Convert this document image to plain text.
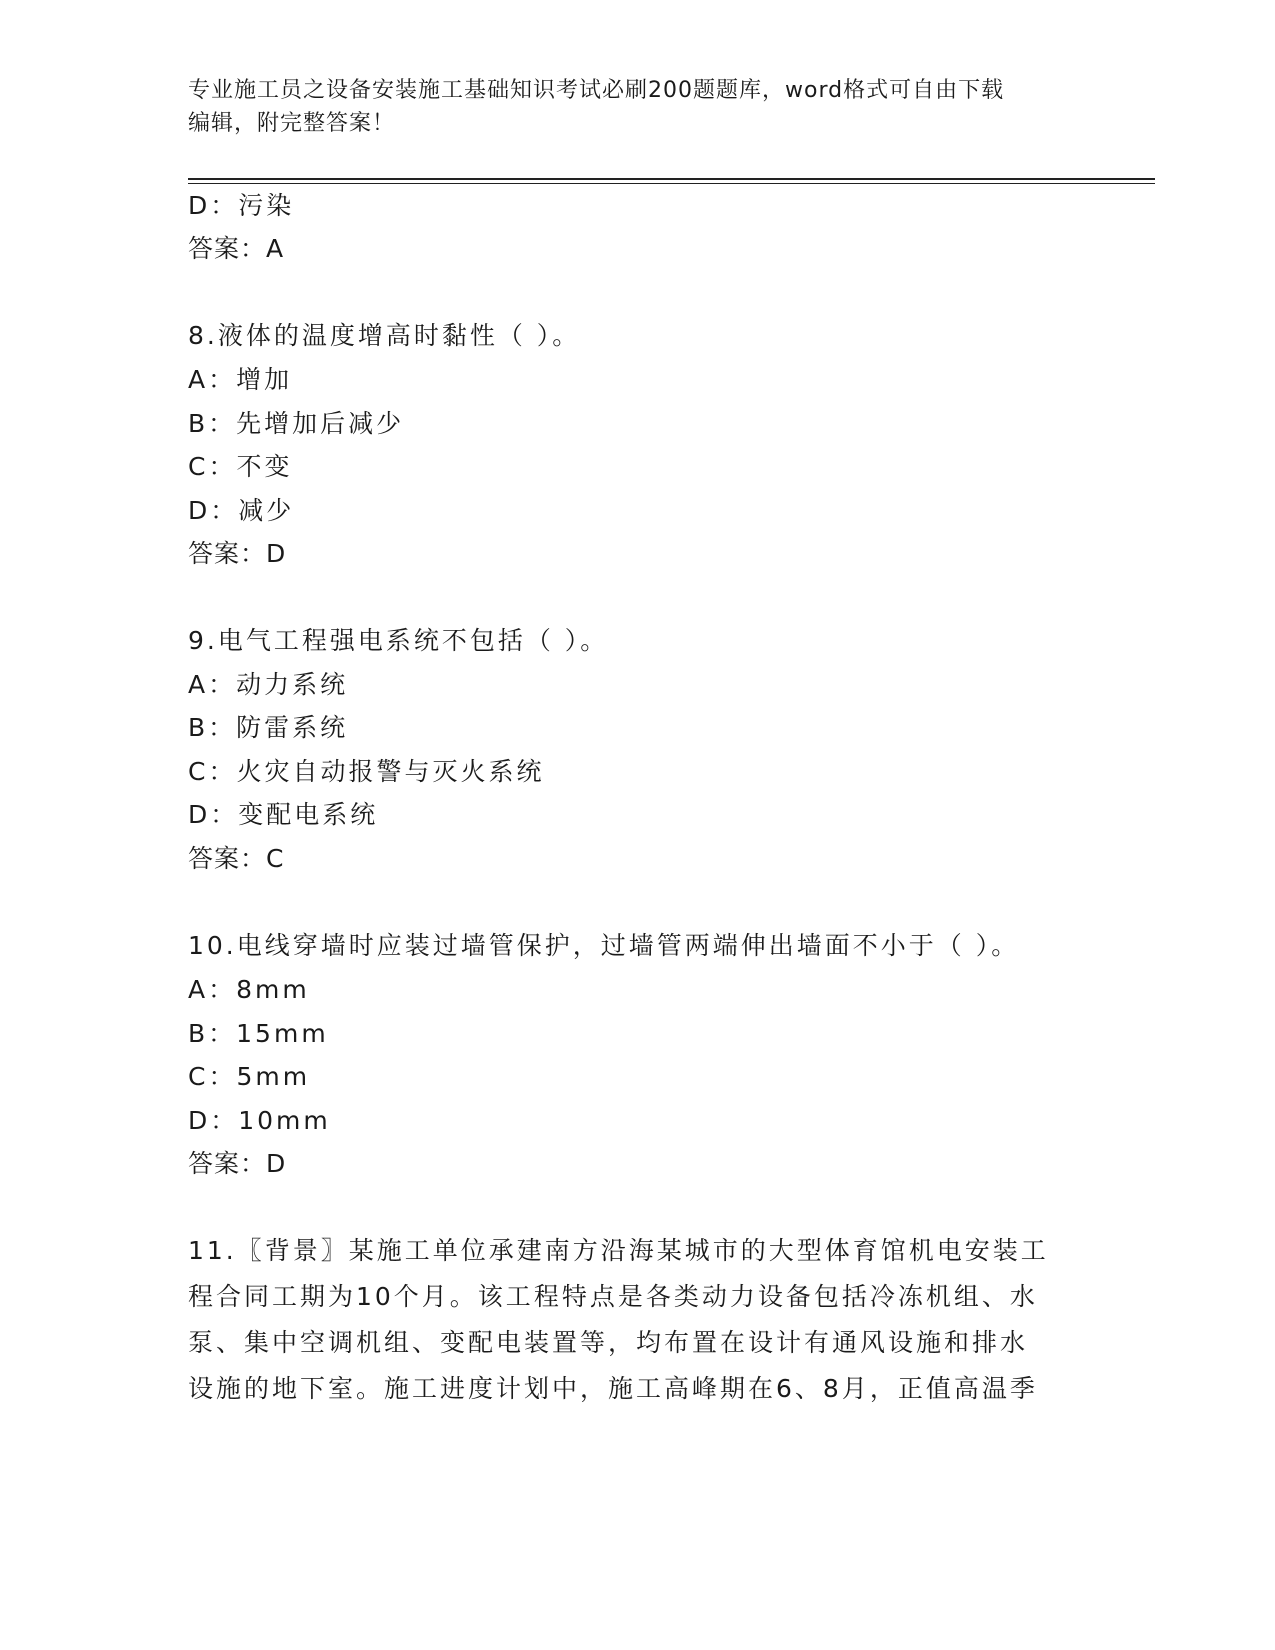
专业施工员之设备安装施工基础知识考试必刷200题题库，word格式可自由下载
编辑，附完整答案！
D：污染
答案：A
8.液体的温度增高时黏性（ ）。
A：增加
B：先增加后减少
C：不变
D：减少
答案：D
9.电气工程强电系统不包括（ ）。
A：动力系统
B：防雷系统
C：火灾自动报警与灭火系统
D：变配电系统
答案：C
10.电线穿墙时应装过墙管保护，过墙管两端伸出墙面不小于（ ）。
A：8mm
B：15mm
C：5mm
D：10mm
答案：D
11.〖背景〗某施工单位承建南方沿海某城市的大型体育馆机电安装工
程合同工期为10个月。该工程特点是各类动力设备包括冷冻机组、水
泵、集中空调机组、变配电装置等，均布置在设计有通风设施和排水
设施的地下室。施工进度计划中，施工高峰期在6、8月，正值高温季
